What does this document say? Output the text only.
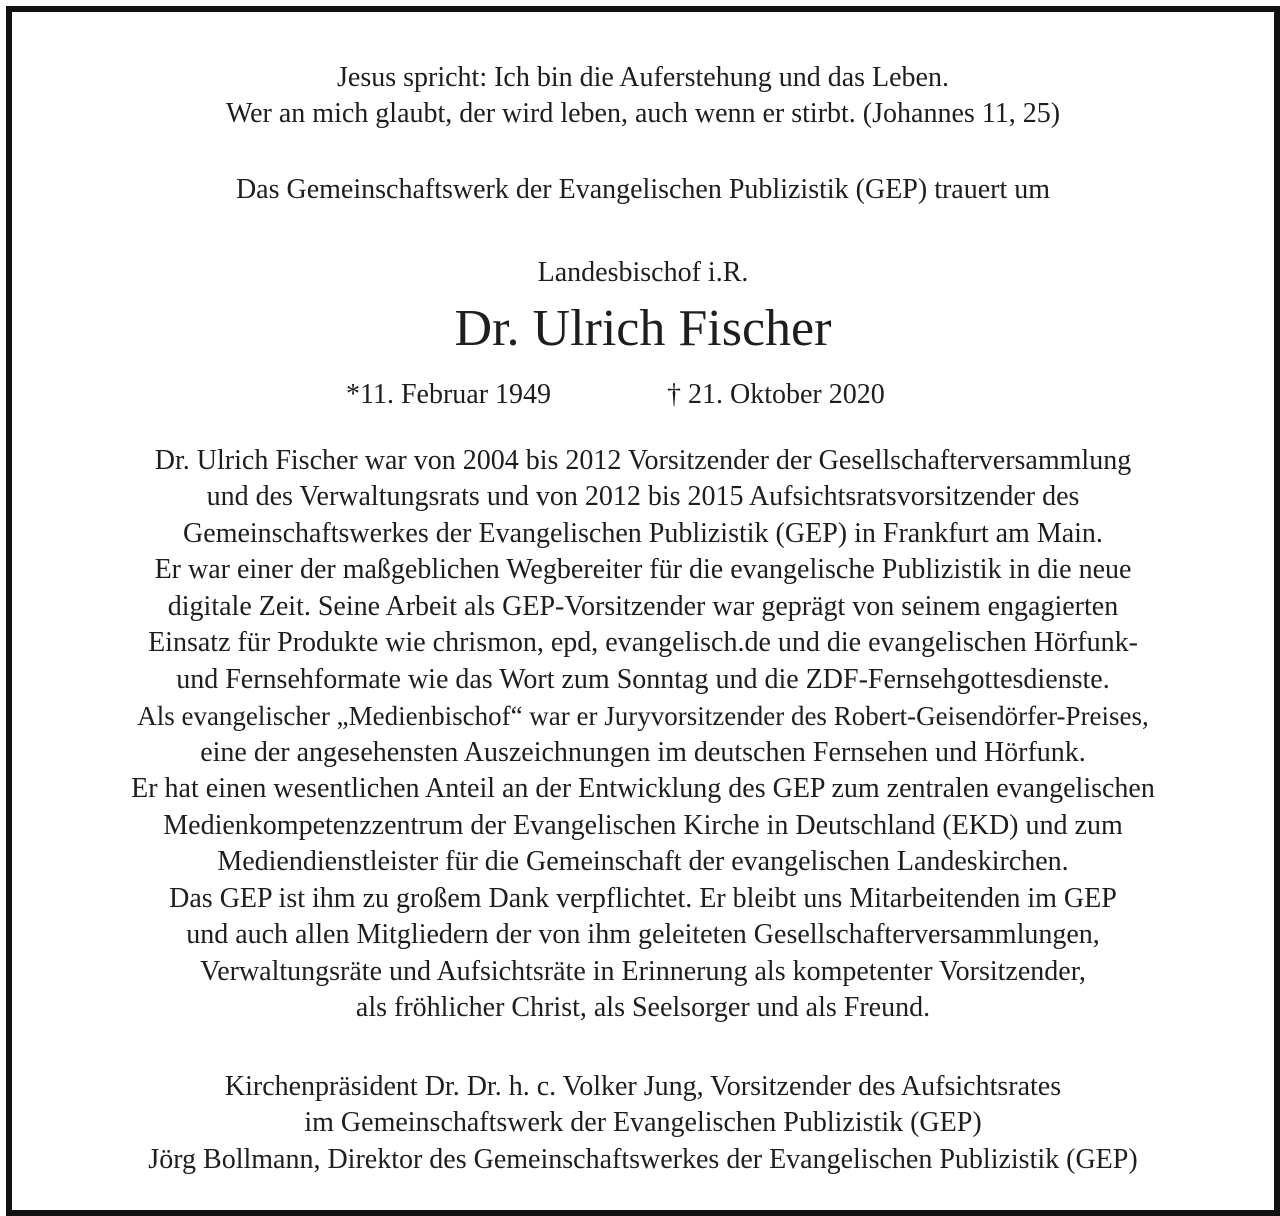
Jesus spricht: Ich bin die Auferstehung und das Leben.
Wer an mich glaubt, der wird leben, auch wenn er stirbt. (Johannes 11, 25)
Das Gemeinschaftswerk der Evangelischen Publizistik (GEP) trauert um
Landesbischof i.R.
Dr. Ulrich Fischer
*11. Februar 1949	† 21. Oktober 2020
Dr. Ulrich Fischer war von 2004 bis 2012 Vorsitzender der Gesellschafterversammlung
und des Verwaltungsrats und von 2012 bis 2015 Aufsichtsratsvorsitzender des
Gemeinschaftswerkes der Evangelischen Publizistik (GEP) in Frankfurt am Main.
Er war einer der maßgeblichen Wegbereiter für die evangelische Publizistik in die neue
digitale Zeit. Seine Arbeit als GEP-Vorsitzender war geprägt von seinem engagierten
Einsatz für Produkte wie chrismon, epd, evangelisch.de und die evangelischen Hörfunk-
und Fernsehformate wie das Wort zum Sonntag und die ZDF-Fernsehgottesdienste.
Als evangelischer „Medienbischof“ war er Juryvorsitzender des Robert-Geisendörfer-Preises,
eine der angesehensten Auszeichnungen im deutschen Fernsehen und Hörfunk.
Er hat einen wesentlichen Anteil an der Entwicklung des GEP zum zentralen evangelischen
Medienkompetenzzentrum der Evangelischen Kirche in Deutschland (EKD) und zum
Mediendienstleister für die Gemeinschaft der evangelischen Landeskirchen.
Das GEP ist ihm zu großem Dank verpflichtet. Er bleibt uns Mitarbeitenden im GEP
und auch allen Mitgliedern der von ihm geleiteten Gesellschafterversammlungen,
Verwaltungsräte und Aufsichtsräte in Erinnerung als kompetenter Vorsitzender,
als fröhlicher Christ, als Seelsorger und als Freund.
Kirchenpräsident Dr. Dr. h. c. Volker Jung, Vorsitzender des Aufsichtsrates
im Gemeinschaftswerk der Evangelischen Publizistik (GEP)
Jörg Bollmann, Direktor des Gemeinschaftswerkes der Evangelischen Publizistik (GEP)
